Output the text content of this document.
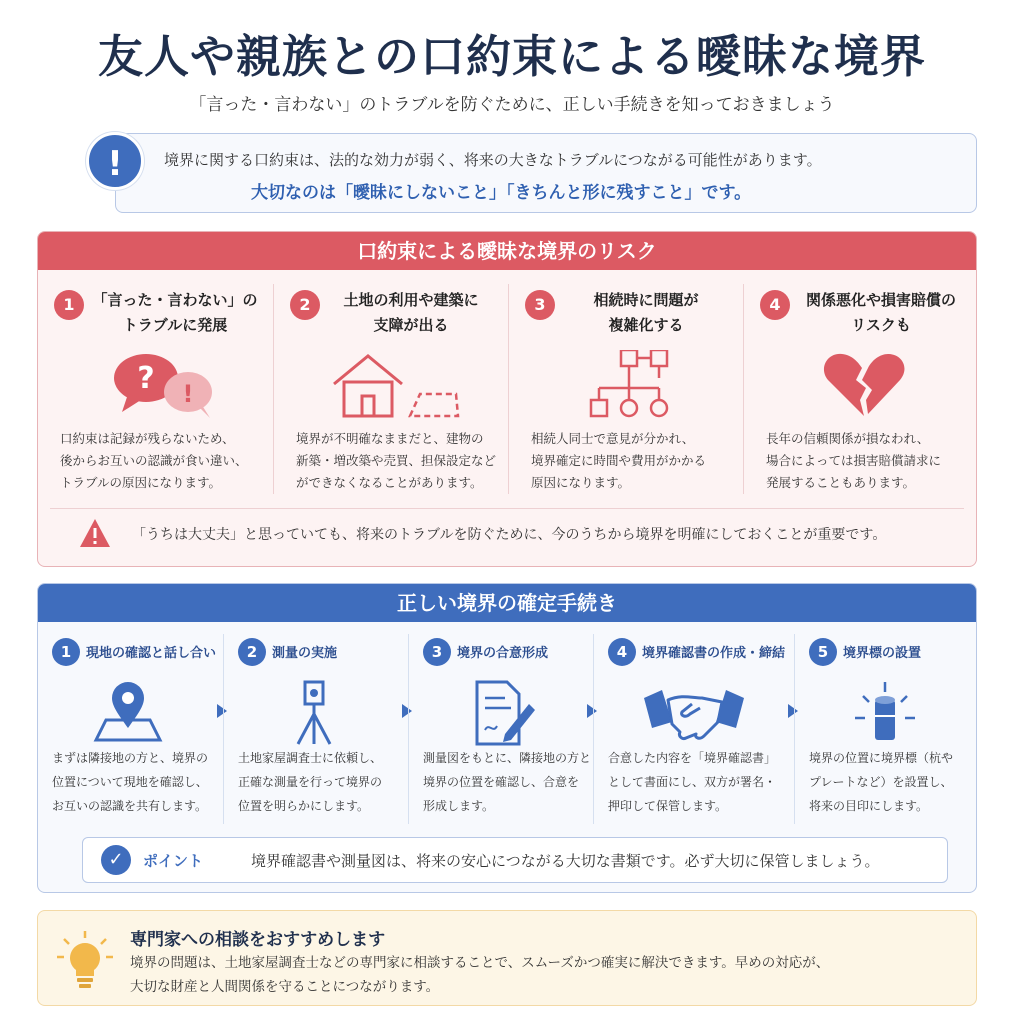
友人や親族との口約束による曖昧な境界
「言った・言わない」のトラブルを防ぐために、正しい手続きを知っておきましょう
境界に関する口約束は、法的な効力が弱く、将来の大きなトラブルにつながる可能性があります。
大切なのは「曖昧にしないこと」「きちんと形に残すこと」です。
!
口約束による曖昧な境界のリスク
1	「言った・言わない」の
トラブルに発展
? !
口約束は記録が残らないため、
後からお互いの認識が食い違い、
トラブルの原因になります。
2	土地の利用や建築に
支障が出る
境界が不明確なままだと、建物の
新築・増改築や売買、担保設定など
ができなくなることがあります。
3	相続時に問題が
複雑化する
相続人同士で意見が分かれ、
境界確定に時間や費用がかかる
原因になります。
4	関係悪化や損害賠償の
リスクも
長年の信頼関係が損なわれ、
場合によっては損害賠償請求に
発展することもあります。
「うちは大丈夫」と思っていても、将来のトラブルを防ぐために、今のうちから境界を明確にしておくことが重要です。
正しい境界の確定手続き
1	現地の確認と話し合い
まずは隣接地の方と、境界の
位置について現地を確認し、
お互いの認識を共有します。
2	測量の実施
土地家屋調査士に依頼し、
正確な測量を行って境界の
位置を明らかにします。
3	境界の合意形成
測量図をもとに、隣接地の方と
境界の位置を確認し、合意を
形成します。
4	境界確認書の作成・締結
合意した内容を「境界確認書」
として書面にし、双方が署名・
押印して保管します。
5	境界標の設置
境界の位置に境界標（杭や
プレートなど）を設置し、
将来の目印にします。
✓	ポイント	境界確認書や測量図は、将来の安心につながる大切な書類です。必ず大切に保管しましょう。
専門家への相談をおすすめします
境界の問題は、土地家屋調査士などの専門家に相談することで、スムーズかつ確実に解決できます。早めの対応が、
大切な財産と人間関係を守ることにつながります。
